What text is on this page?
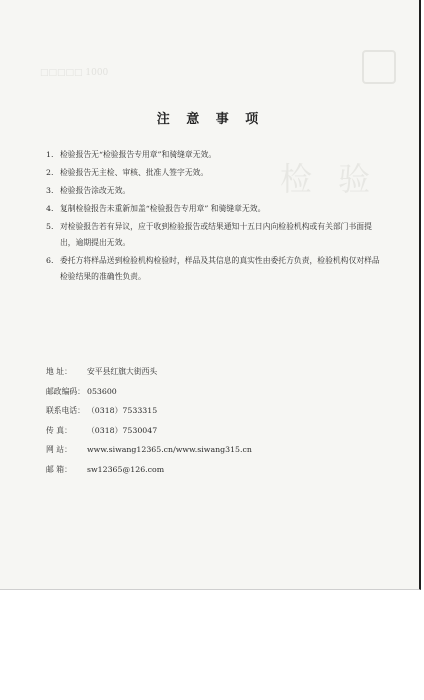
□□□□□ 1000
检 验
注 意 事 项
1. 检验报告无“检验报告专用章”和骑缝章无效。
2. 检验报告无主检、审核、批准人签字无效。
3. 检验报告涂改无效。
4. 复制检验报告未重新加盖“检验报告专用章” 和骑缝章无效。
5. 对检验报告若有异议，应于收到检验报告或结果通知十五日内向检验机构或有关部门书面提出，逾期提出无效。
6. 委托方将样品送到检验机构检验时，样品及其信息的真实性由委托方负责，检验机构仅对样品检验结果的准确性负责。
地 址： 安平县红旗大街西头
邮政编码： 053600
联系电话： （0318）7533315
传 真： （0318）7530047
网 站： www.siwang12365.cn/www.siwang315.cn
邮 箱： sw12365@126.com
